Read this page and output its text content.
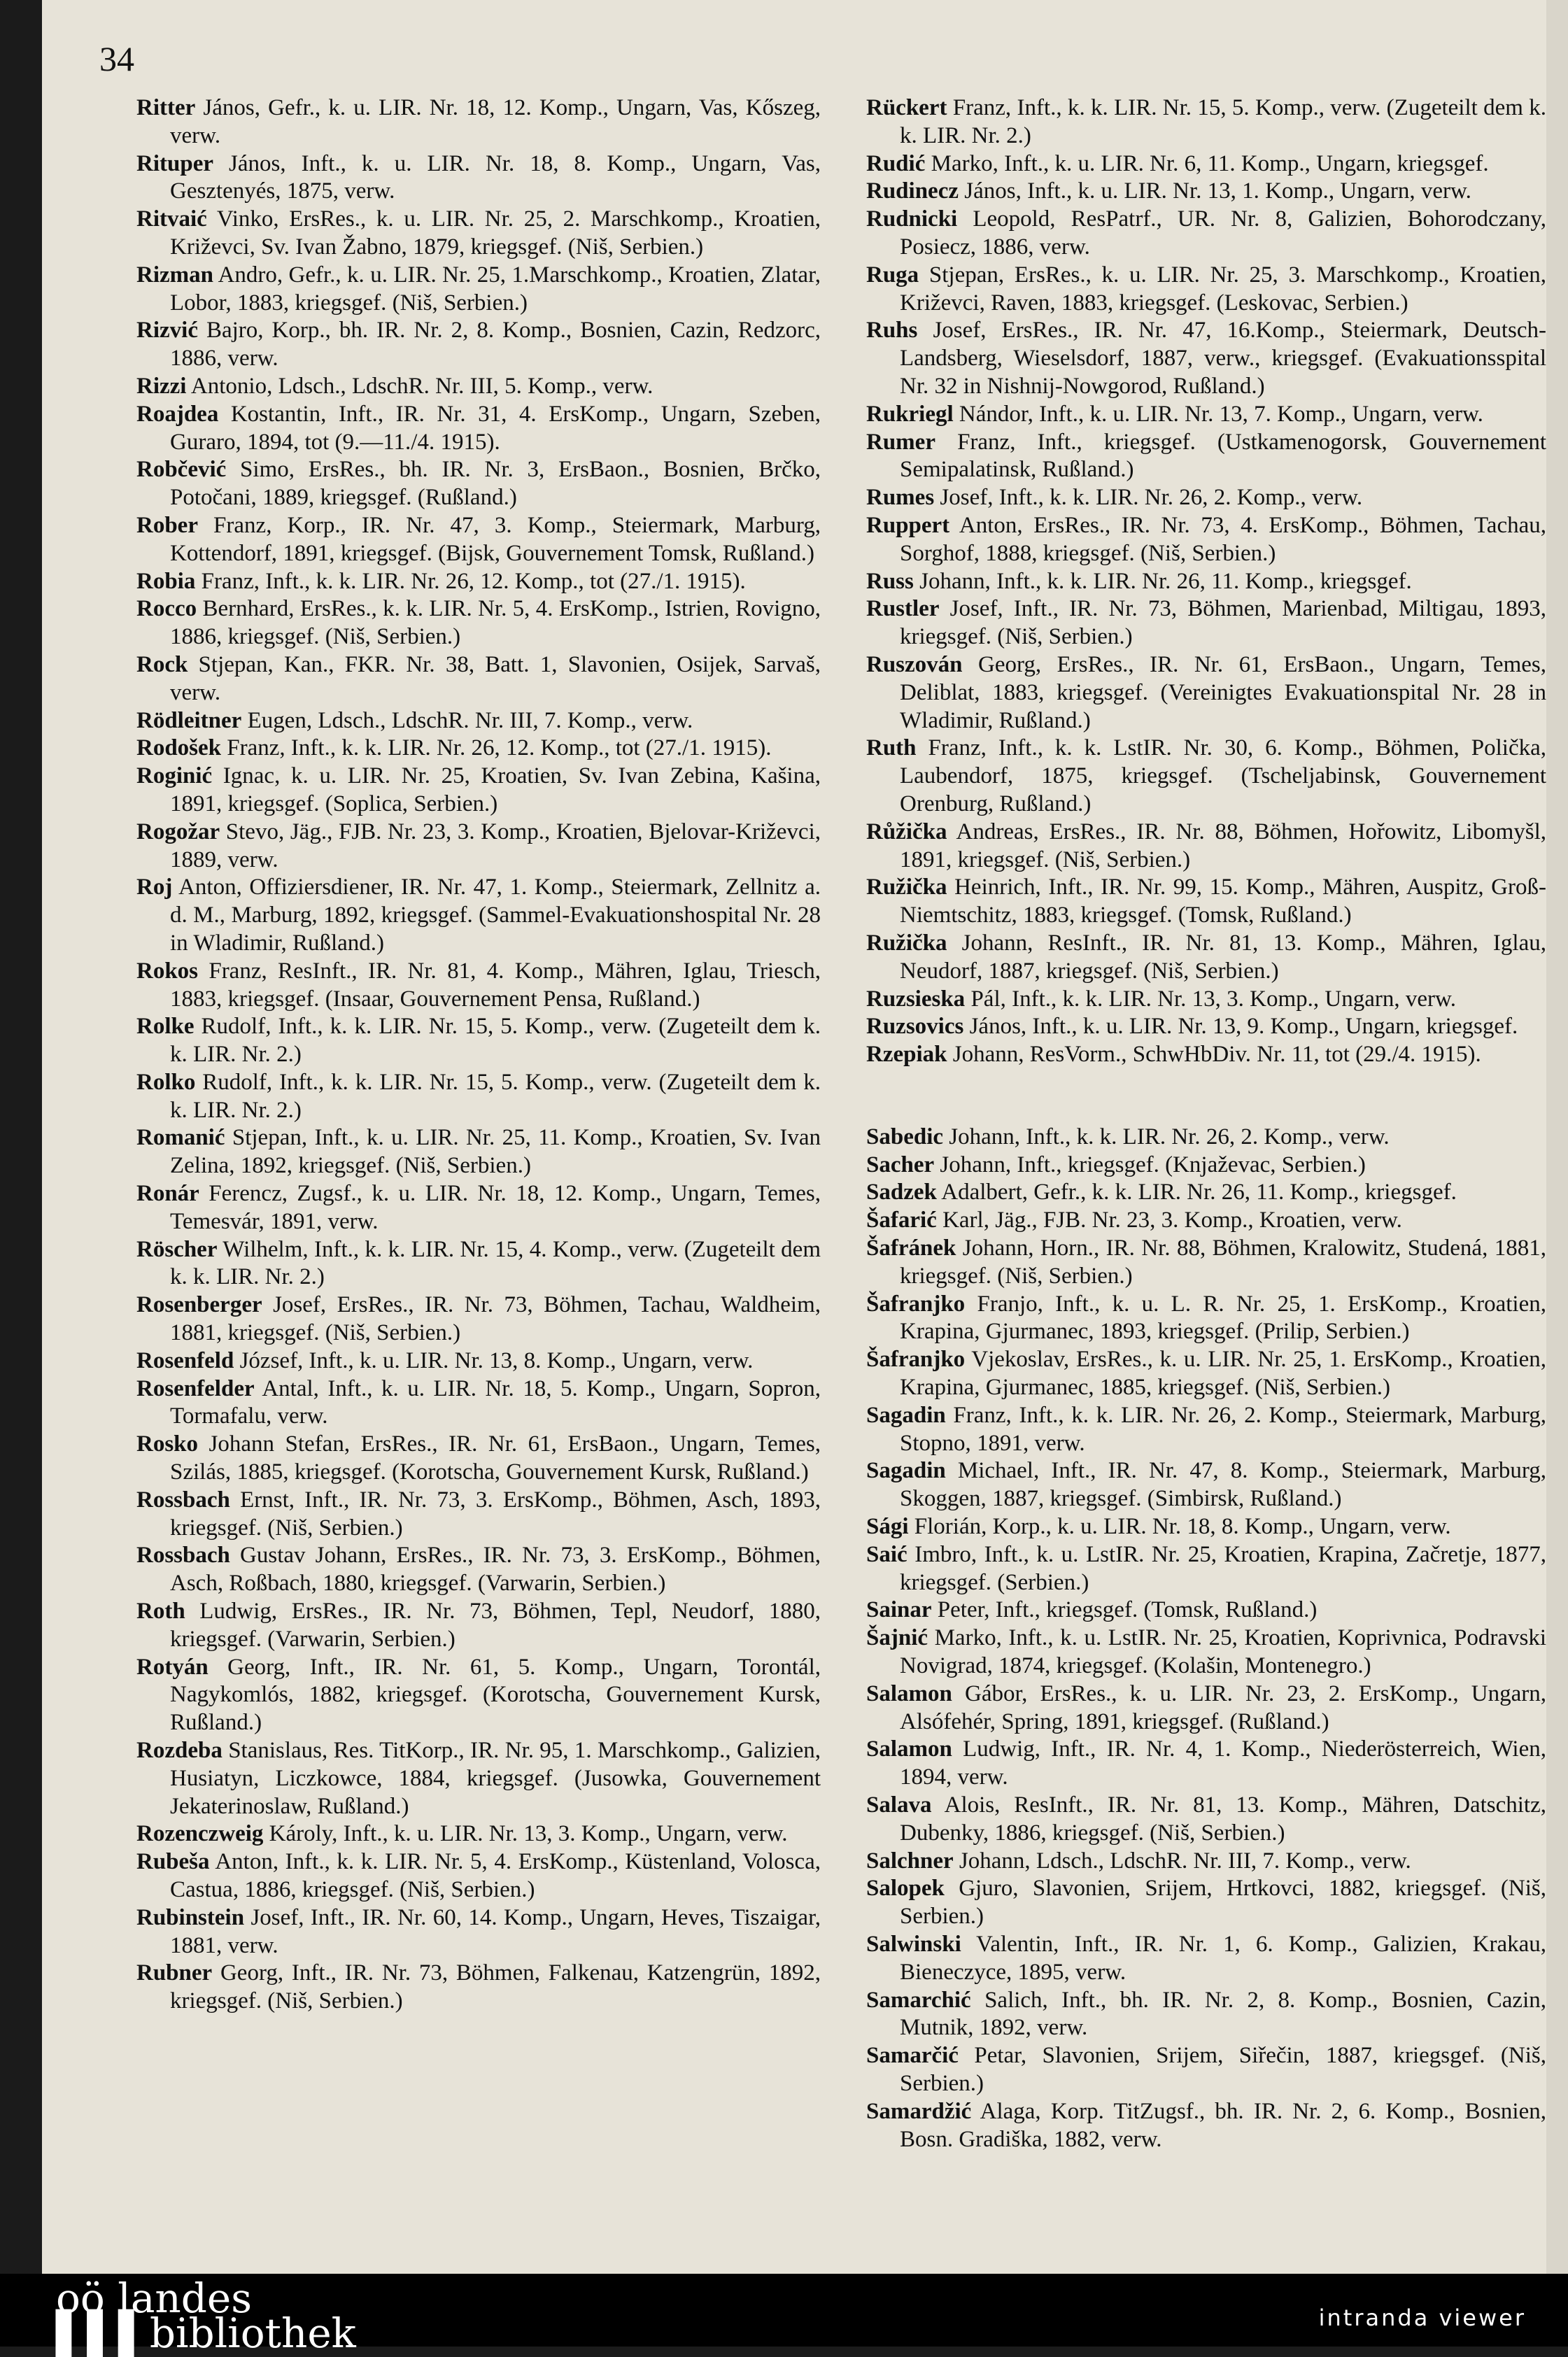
34

Ritter János, Gefr., k. u. LIR. Nr. 18, 12. Komp., Ungarn, Vas, Kőszeg, verw.

Rituper János, Inft., k. u. LIR. Nr. 18, 8. Komp., Ungarn, Vas, Gesztenyés, 1875, verw.

Ritvaić Vinko, ErsRes., k. u. LIR. Nr. 25, 2. Marschkomp., Kroatien, Križevci, Sv. Ivan Žabno, 1879, kriegsgef. (Niš, Serbien.)

Rizman Andro, Gefr., k. u. LIR. Nr. 25, 1.Marschkomp., Kroatien, Zlatar, Lobor, 1883, kriegsgef. (Niš, Serbien.)

Rizvić Bajro, Korp., bh. IR. Nr. 2, 8. Komp., Bosnien, Cazin, Redzorc, 1886, verw.

Rizzi Antonio, Ldsch., LdschR. Nr. III, 5. Komp., verw.

Roajdea Kostantin, Inft., IR. Nr. 31, 4. ErsKomp., Ungarn, Szeben, Guraro, 1894, tot (9.—11./4. 1915).

Robčević Simo, ErsRes., bh. IR. Nr. 3, ErsBaon., Bosnien, Brčko, Potočani, 1889, kriegsgef. (Rußland.)

Rober Franz, Korp., IR. Nr. 47, 3. Komp., Steiermark, Marburg, Kottendorf, 1891, kriegsgef. (Bijsk, Gouvernement Tomsk, Rußland.)

Robia Franz, Inft., k. k. LIR. Nr. 26, 12. Komp., tot (27./1. 1915).

Rocco Bernhard, ErsRes., k. k. LIR. Nr. 5, 4. ErsKomp., Istrien, Rovigno, 1886, kriegsgef. (Niš, Serbien.)

Rock Stjepan, Kan., FKR. Nr. 38, Batt. 1, Slavonien, Osijek, Sarvaš, verw.

Rödleitner Eugen, Ldsch., LdschR. Nr. III, 7. Komp., verw.

Rodošek Franz, Inft., k. k. LIR. Nr. 26, 12. Komp., tot (27./1. 1915).

Roginić Ignac, k. u. LIR. Nr. 25, Kroatien, Sv. Ivan Zebina, Kašina, 1891, kriegsgef. (Soplica, Serbien.)

Rogožar Stevo, Jäg., FJB. Nr. 23, 3. Komp., Kroatien, Bjelovar-Križevci, 1889, verw.

Roj Anton, Offiziersdiener, IR. Nr. 47, 1. Komp., Steiermark, Zellnitz a. d. M., Marburg, 1892, kriegsgef. (Sammel-Evakuationshospital Nr. 28 in Wladimir, Rußland.)

Rokos Franz, ResInft., IR. Nr. 81, 4. Komp., Mähren, Iglau, Triesch, 1883, kriegsgef. (Insaar, Gouvernement Pensa, Rußland.)

Rolke Rudolf, Inft., k. k. LIR. Nr. 15, 5. Komp., verw. (Zugeteilt dem k. k. LIR. Nr. 2.)

Rolko Rudolf, Inft., k. k. LIR. Nr. 15, 5. Komp., verw. (Zugeteilt dem k. k. LIR. Nr. 2.)

Romanić Stjepan, Inft., k. u. LIR. Nr. 25, 11. Komp., Kroatien, Sv. Ivan Zelina, 1892, kriegsgef. (Niš, Serbien.)

Ronár Ferencz, Zugsf., k. u. LIR. Nr. 18, 12. Komp., Ungarn, Temes, Temesvár, 1891, verw.

Röscher Wilhelm, Inft., k. k. LIR. Nr. 15, 4. Komp., verw. (Zugeteilt dem k. k. LIR. Nr. 2.)

Rosenberger Josef, ErsRes., IR. Nr. 73, Böhmen, Tachau, Waldheim, 1881, kriegsgef. (Niš, Serbien.)

Rosenfeld József, Inft., k. u. LIR. Nr. 13, 8. Komp., Ungarn, verw.

Rosenfelder Antal, Inft., k. u. LIR. Nr. 18, 5. Komp., Ungarn, Sopron, Tormafalu, verw.

Rosko Johann Stefan, ErsRes., IR. Nr. 61, ErsBaon., Ungarn, Temes, Szilás, 1885, kriegsgef. (Korotscha, Gouvernement Kursk, Rußland.)

Rossbach Ernst, Inft., IR. Nr. 73, 3. ErsKomp., Böhmen, Asch, 1893, kriegsgef. (Niš, Serbien.)

Rossbach Gustav Johann, ErsRes., IR. Nr. 73, 3. ErsKomp., Böhmen, Asch, Roßbach, 1880, kriegsgef. (Varwarin, Serbien.)

Roth Ludwig, ErsRes., IR. Nr. 73, Böhmen, Tepl, Neudorf, 1880, kriegsgef. (Varwarin, Serbien.)

Rotyán Georg, Inft., IR. Nr. 61, 5. Komp., Ungarn, Torontál, Nagykomlós, 1882, kriegsgef. (Korotscha, Gouvernement Kursk, Rußland.)

Rozdeba Stanislaus, Res. TitKorp., IR. Nr. 95, 1. Marschkomp., Galizien, Husiatyn, Liczkowce, 1884, kriegsgef. (Jusowka, Gouvernement Jekaterinoslaw, Rußland.)

Rozenczweig Károly, Inft., k. u. LIR. Nr. 13, 3. Komp., Ungarn, verw.

Rubeša Anton, Inft., k. k. LIR. Nr. 5, 4. ErsKomp., Küstenland, Volosca, Castua, 1886, kriegsgef. (Niš, Serbien.)

Rubinstein Josef, Inft., IR. Nr. 60, 14. Komp., Ungarn, Heves, Tiszaigar, 1881, verw.

Rubner Georg, Inft., IR. Nr. 73, Böhmen, Falkenau, Katzengrün, 1892, kriegsgef. (Niš, Serbien.)

Rückert Franz, Inft., k. k. LIR. Nr. 15, 5. Komp., verw. (Zugeteilt dem k. k. LIR. Nr. 2.)

Rudić Marko, Inft., k. u. LIR. Nr. 6, 11. Komp., Ungarn, kriegsgef.

Rudinecz János, Inft., k. u. LIR. Nr. 13, 1. Komp., Ungarn, verw.

Rudnicki Leopold, ResPatrf., UR. Nr. 8, Galizien, Bohorodczany, Posiecz, 1886, verw.

Ruga Stjepan, ErsRes., k. u. LIR. Nr. 25, 3. Marschkomp., Kroatien, Križevci, Raven, 1883, kriegsgef. (Leskovac, Serbien.)

Ruhs Josef, ErsRes., IR. Nr. 47, 16.Komp., Steiermark, Deutsch-Landsberg, Wieselsdorf, 1887, verw., kriegsgef. (Evakuationsspital Nr. 32 in Nishnij-Nowgorod, Rußland.)

Rukriegl Nándor, Inft., k. u. LIR. Nr. 13, 7. Komp., Ungarn, verw.

Rumer Franz, Inft., kriegsgef. (Ustkamenogorsk, Gouvernement Semipalatinsk, Rußland.)

Rumes Josef, Inft., k. k. LIR. Nr. 26, 2. Komp., verw.

Ruppert Anton, ErsRes., IR. Nr. 73, 4. ErsKomp., Böhmen, Tachau, Sorghof, 1888, kriegsgef. (Niš, Serbien.)

Russ Johann, Inft., k. k. LIR. Nr. 26, 11. Komp., kriegsgef.

Rustler Josef, Inft., IR. Nr. 73, Böhmen, Marienbad, Miltigau, 1893, kriegsgef. (Niš, Serbien.)

Ruszován Georg, ErsRes., IR. Nr. 61, ErsBaon., Ungarn, Temes, Deliblat, 1883, kriegsgef. (Vereinigtes Evakuationspital Nr. 28 in Wladimir, Rußland.)

Ruth Franz, Inft., k. k. LstIR. Nr. 30, 6. Komp., Böhmen, Polička, Laubendorf, 1875, kriegsgef. (Tscheljabinsk, Gouvernement Orenburg, Rußland.)

Růžička Andreas, ErsRes., IR. Nr. 88, Böhmen, Hořowitz, Libomyšl, 1891, kriegsgef. (Niš, Serbien.)

Ružička Heinrich, Inft., IR. Nr. 99, 15. Komp., Mähren, Auspitz, Groß-Niemtschitz, 1883, kriegsgef. (Tomsk, Rußland.)

Ružička Johann, ResInft., IR. Nr. 81, 13. Komp., Mähren, Iglau, Neudorf, 1887, kriegsgef. (Niš, Serbien.)

Ruzsieska Pál, Inft., k. k. LIR. Nr. 13, 3. Komp., Ungarn, verw.

Ruzsovics János, Inft., k. u. LIR. Nr. 13, 9. Komp., Ungarn, kriegsgef.

Rzepiak Johann, ResVorm., SchwHbDiv. Nr. 11, tot (29./4. 1915).

Sabedic Johann, Inft., k. k. LIR. Nr. 26, 2. Komp., verw.

Sacher Johann, Inft., kriegsgef. (Knjaževac, Serbien.)

Sadzek Adalbert, Gefr., k. k. LIR. Nr. 26, 11. Komp., kriegsgef.

Šafarić Karl, Jäg., FJB. Nr. 23, 3. Komp., Kroatien, verw.

Šafránek Johann, Horn., IR. Nr. 88, Böhmen, Kralowitz, Studená, 1881, kriegsgef. (Niš, Serbien.)

Šafranjko Franjo, Inft., k. u. L. R. Nr. 25, 1. ErsKomp., Kroatien, Krapina, Gjurmanec, 1893, kriegsgef. (Prilip, Serbien.)

Šafranjko Vjekoslav, ErsRes., k. u. LIR. Nr. 25, 1. ErsKomp., Kroatien, Krapina, Gjurmanec, 1885, kriegsgef. (Niš, Serbien.)

Sagadin Franz, Inft., k. k. LIR. Nr. 26, 2. Komp., Steiermark, Marburg, Stopno, 1891, verw.

Sagadin Michael, Inft., IR. Nr. 47, 8. Komp., Steiermark, Marburg, Skoggen, 1887, kriegsgef. (Simbirsk, Rußland.)

Sági Florián, Korp., k. u. LIR. Nr. 18, 8. Komp., Ungarn, verw.

Saić Imbro, Inft., k. u. LstIR. Nr. 25, Kroatien, Krapina, Začretje, 1877, kriegsgef. (Serbien.)

Sainar Peter, Inft., kriegsgef. (Tomsk, Rußland.)

Šajnić Marko, Inft., k. u. LstIR. Nr. 25, Kroatien, Koprivnica, Podravski Novigrad, 1874, kriegsgef. (Kolašin, Montenegro.)

Salamon Gábor, ErsRes., k. u. LIR. Nr. 23, 2. ErsKomp., Ungarn, Alsófehér, Spring, 1891, kriegsgef. (Rußland.)

Salamon Ludwig, Inft., IR. Nr. 4, 1. Komp., Niederösterreich, Wien, 1894, verw.

Salava Alois, ResInft., IR. Nr. 81, 13. Komp., Mähren, Datschitz, Dubenky, 1886, kriegsgef. (Niš, Serbien.)

Salchner Johann, Ldsch., LdschR. Nr. III, 7. Komp., verw.

Salopek Gjuro, Slavonien, Srijem, Hrtkovci, 1882, kriegsgef. (Niš, Serbien.)

Salwinski Valentin, Inft., IR. Nr. 1, 6. Komp., Galizien, Krakau, Bieneczyce, 1895, verw.

Samarchić Salich, Inft., bh. IR. Nr. 2, 8. Komp., Bosnien, Cazin, Mutnik, 1892, verw.

Samarčić Petar, Slavonien, Srijem, Siřečin, 1887, kriegsgef. (Niš, Serbien.)

Samardžić Alaga, Korp. TitZugsf., bh. IR. Nr. 2, 6. Komp., Bosnien, Bosn. Gradiška, 1882, verw.

oö landes
▌▌▌bibliothek	intranda viewer
